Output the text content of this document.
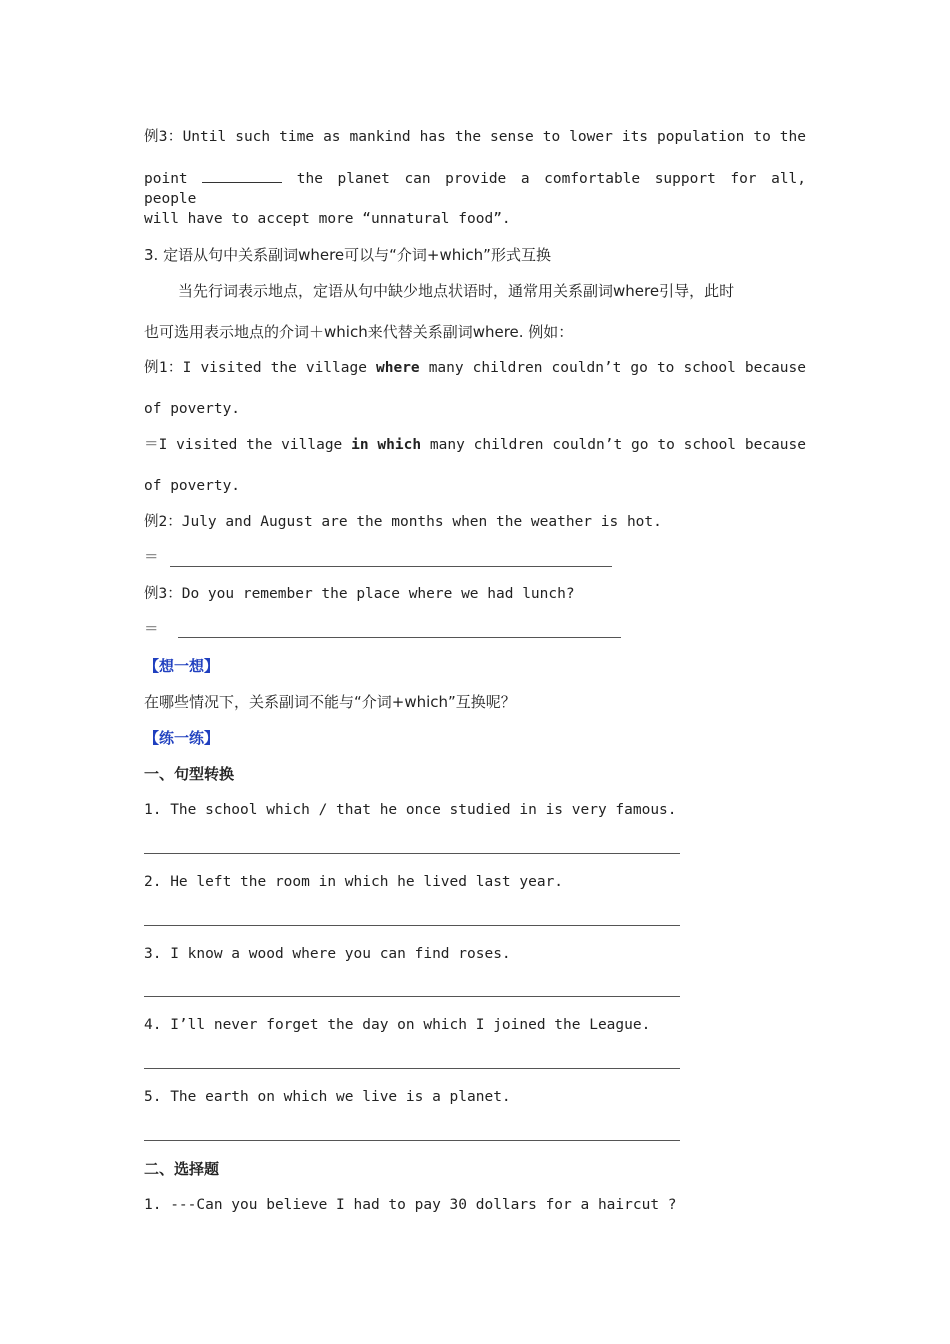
例3：Until such time as mankind has the sense to lower its population to the
point	the planet can provide a comfortable support for all, people
will have to accept more “unnatural food”.
3. 定语从句中关系副词where可以与“介词+which”形式互换
当先行词表示地点，定语从句中缺少地点状语时，通常用关系副词where引导，此时
也可选用表示地点的介词＋which来代替关系副词where. 例如：
例1：I visited the village where many children couldn’t go to school because
of poverty.
＝I visited the village in which many children couldn’t go to school because
of poverty.
例2：July and August are the months when the weather is hot.
＝
例3：Do you remember the place where we had lunch?
＝
【想一想】
在哪些情况下，关系副词不能与“介词+which”互换呢？
【练一练】
一、句型转换
1. The school which / that he once studied in is very famous.
2. He left the room in which he lived last year.
3. I know a wood where you can find roses.
4. I’ll never forget the day on which I joined the League.
5. The earth on which we live is a planet.
二、选择题
1. ---Can you believe I had to pay 30 dollars for a haircut ?
